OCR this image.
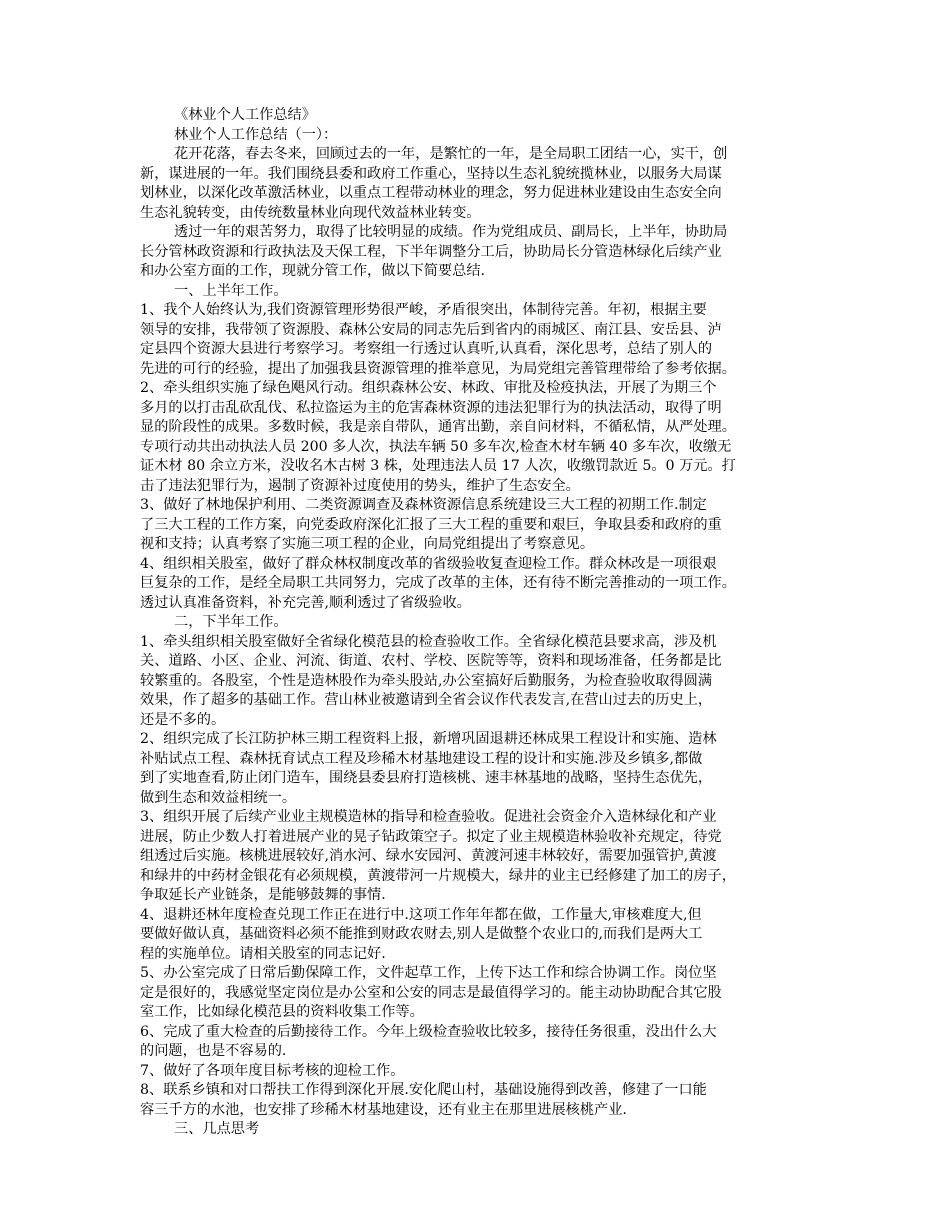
《林业个人工作总结》
林业个人工作总结（一）：
花开花落，春去冬来，回顾过去的一年，是繁忙的一年，是全局职工团结一心，实干，创
新，谋进展的一年。我们围绕县委和政府工作重心，坚持以生态礼貌统揽林业，以服务大局谋
划林业，以深化改革激活林业，以重点工程带动林业的理念，努力促进林业建设由生态安全向
生态礼貌转变，由传统数量林业向现代效益林业转变。
透过一年的艰苦努力，取得了比较明显的成绩。作为党组成员、副局长，上半年，协助局
长分管林政资源和行政执法及天保工程，下半年调整分工后，协助局长分管造林绿化后续产业
和办公室方面的工作，现就分管工作，做以下简要总结.
一、上半年工作。
1、我个人始终认为,我们资源管理形势很严峻，矛盾很突出，体制待完善。年初，根据主要
领导的安排，我带领了资源股、森林公安局的同志先后到省内的雨城区、南江县、安岳县、泸
定县四个资源大县进行考察学习。考察组一行透过认真听,认真看，深化思考，总结了别人的
先进的可行的经验，提出了加强我县资源管理的推举意见，为局党组完善管理带给了参考依据。
2、牵头组织实施了绿色飓风行动。组织森林公安、林政、审批及检疫执法，开展了为期三个
多月的以打击乱砍乱伐、私拉盗运为主的危害森林资源的违法犯罪行为的执法活动，取得了明
显的阶段性的成果。多数时候，我是亲自带队，通宵出勤，亲自问材料，不循私情，从严处理。
专项行动共出动执法人员 200 多人次，执法车辆 50 多车次,检查木材车辆 40 多车次，收缴无
证木材 80 余立方米，没收名木古树 3 株，处理违法人员 17 人次，收缴罚款近 5。0 万元。打
击了违法犯罪行为，遏制了资源补过度使用的势头，维护了生态安全。
3、做好了林地保护利用、二类资源调查及森林资源信息系统建设三大工程的初期工作.制定
了三大工程的工作方案，向党委政府深化汇报了三大工程的重要和艰巨，争取县委和政府的重
视和支持；认真考察了实施三项工程的企业，向局党组提出了考察意见。
4、组织相关股室，做好了群众林权制度改革的省级验收复查迎检工作。群众林改是一项很艰
巨复杂的工作，是经全局职工共同努力，完成了改革的主体，还有待不断完善推动的一项工作。
透过认真准备资料，补充完善,顺利透过了省级验收。
二，下半年工作。
1、牵头组织相关股室做好全省绿化模范县的检查验收工作。全省绿化模范县要求高，涉及机
关、道路、小区、企业、河流、街道、农村、学校、医院等等，资料和现场准备，任务都是比
较繁重的。各股室，个性是造林股作为牵头股站,办公室搞好后勤服务，为检查验收取得圆满
效果，作了超多的基础工作。营山林业被邀请到全省会议作代表发言,在营山过去的历史上，
还是不多的。
2、组织完成了长江防护林三期工程资料上报，新增巩固退耕还林成果工程设计和实施、造林
补贴试点工程、森林抚育试点工程及珍稀木材基地建设工程的设计和实施.涉及乡镇多,都做
到了实地查看,防止闭门造车，围绕县委县府打造核桃、速丰林基地的战略，坚持生态优先，
做到生态和效益相统一。
3、组织开展了后续产业业主规模造林的指导和检查验收。促进社会资金介入造林绿化和产业
进展，防止少数人打着进展产业的晃子钻政策空子。拟定了业主规模造林验收补充规定，待党
组透过后实施。核桃进展较好,消水河、绿水安园河、黄渡河速丰林较好，需要加强管护,黄渡
和绿井的中药材金银花有必须规模，黄渡带河一片规模大，绿井的业主已经修建了加工的房子，
争取延长产业链条，是能够鼓舞的事情.
4、退耕还林年度检查兑现工作正在进行中.这项工作年年都在做，工作量大,审核难度大,但
要做好做认真，基础资料必须不能推到财政农财去,别人是做整个农业口的,而我们是两大工
程的实施单位。请相关股室的同志记好.
5、办公室完成了日常后勤保障工作，文件起草工作，上传下达工作和综合协调工作。岗位坚
定是很好的，我感觉坚定岗位是办公室和公安的同志是最值得学习的。能主动协助配合其它股
室工作，比如绿化模范县的资料收集工作等。
6、完成了重大检查的后勤接待工作。今年上级检查验收比较多，接待任务很重，没出什么大
的问题，也是不容易的.
7、做好了各项年度目标考核的迎检工作。
8、联系乡镇和对口帮扶工作得到深化开展.安化爬山村，基础设施得到改善，修建了一口能
容三千方的水池，也安排了珍稀木材基地建设，还有业主在那里进展核桃产业.
三、几点思考
